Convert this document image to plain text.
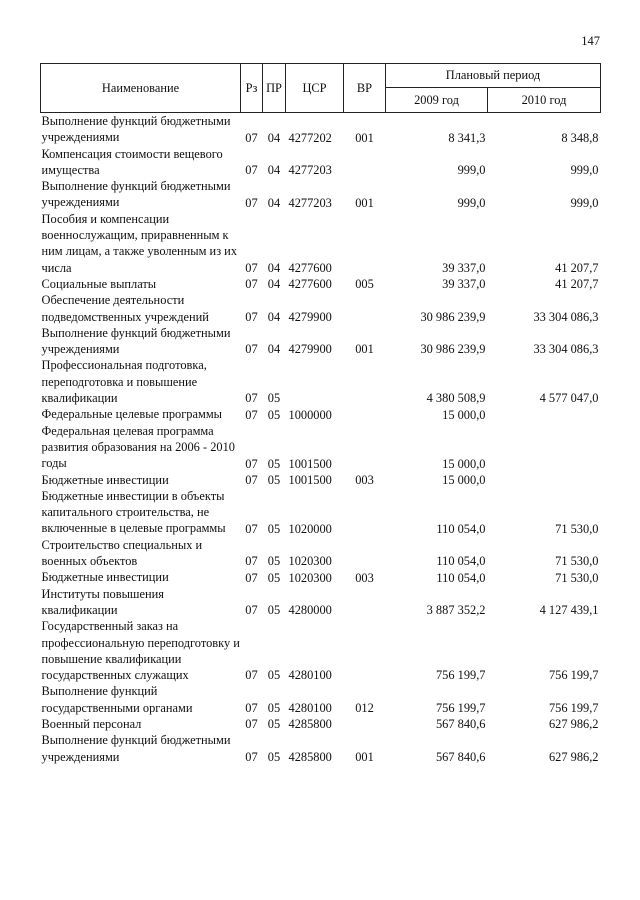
147
Наименование	Рз	ПР	ЦСР	ВР	Плановый период	
					2009 год	2010 год
Выполнение функций бюджетными учреждениями	07	04	4277202	001	8 341,3	8 348,8
Компенсация стоимости вещевого имущества	07	04	4277203		999,0	999,0
Выполнение функций бюджетными учреждениями	07	04	4277203	001	999,0	999,0
Пособия и компенсации военнослужащим, приравненным к ним лицам, а также уволенным из их числа	07	04	4277600		39 337,0	41 207,7
Социальные выплаты	07	04	4277600	005	39 337,0	41 207,7
Обеспечение деятельности подведомственных учреждений	07	04	4279900		30 986 239,9	33 304 086,3
Выполнение функций бюджетными учреждениями	07	04	4279900	001	30 986 239,9	33 304 086,3
Профессиональная подготовка, переподготовка и повышение квалификации	07	05			4 380 508,9	4 577 047,0
Федеральные целевые программы	07	05	1000000		15 000,0	
Федеральная целевая программа развития образования на 2006 - 2010 годы	07	05	1001500		15 000,0	
Бюджетные инвестиции	07	05	1001500	003	15 000,0	
Бюджетные инвестиции в объекты капитального строительства, не включенные в целевые программы	07	05	1020000		110 054,0	71 530,0
Строительство специальных и военных объектов	07	05	1020300		110 054,0	71 530,0
Бюджетные инвестиции	07	05	1020300	003	110 054,0	71 530,0
Институты повышения квалификации	07	05	4280000		3 887 352,2	4 127 439,1
Государственный заказ на профессиональную переподготовку и повышение квалификации государственных служащих	07	05	4280100		756 199,7	756 199,7
Выполнение функций государственными органами	07	05	4280100	012	756 199,7	756 199,7
Военный персонал	07	05	4285800		567 840,6	627 986,2
Выполнение функций бюджетными учреждениями	07	05	4285800	001	567 840,6	627 986,2
